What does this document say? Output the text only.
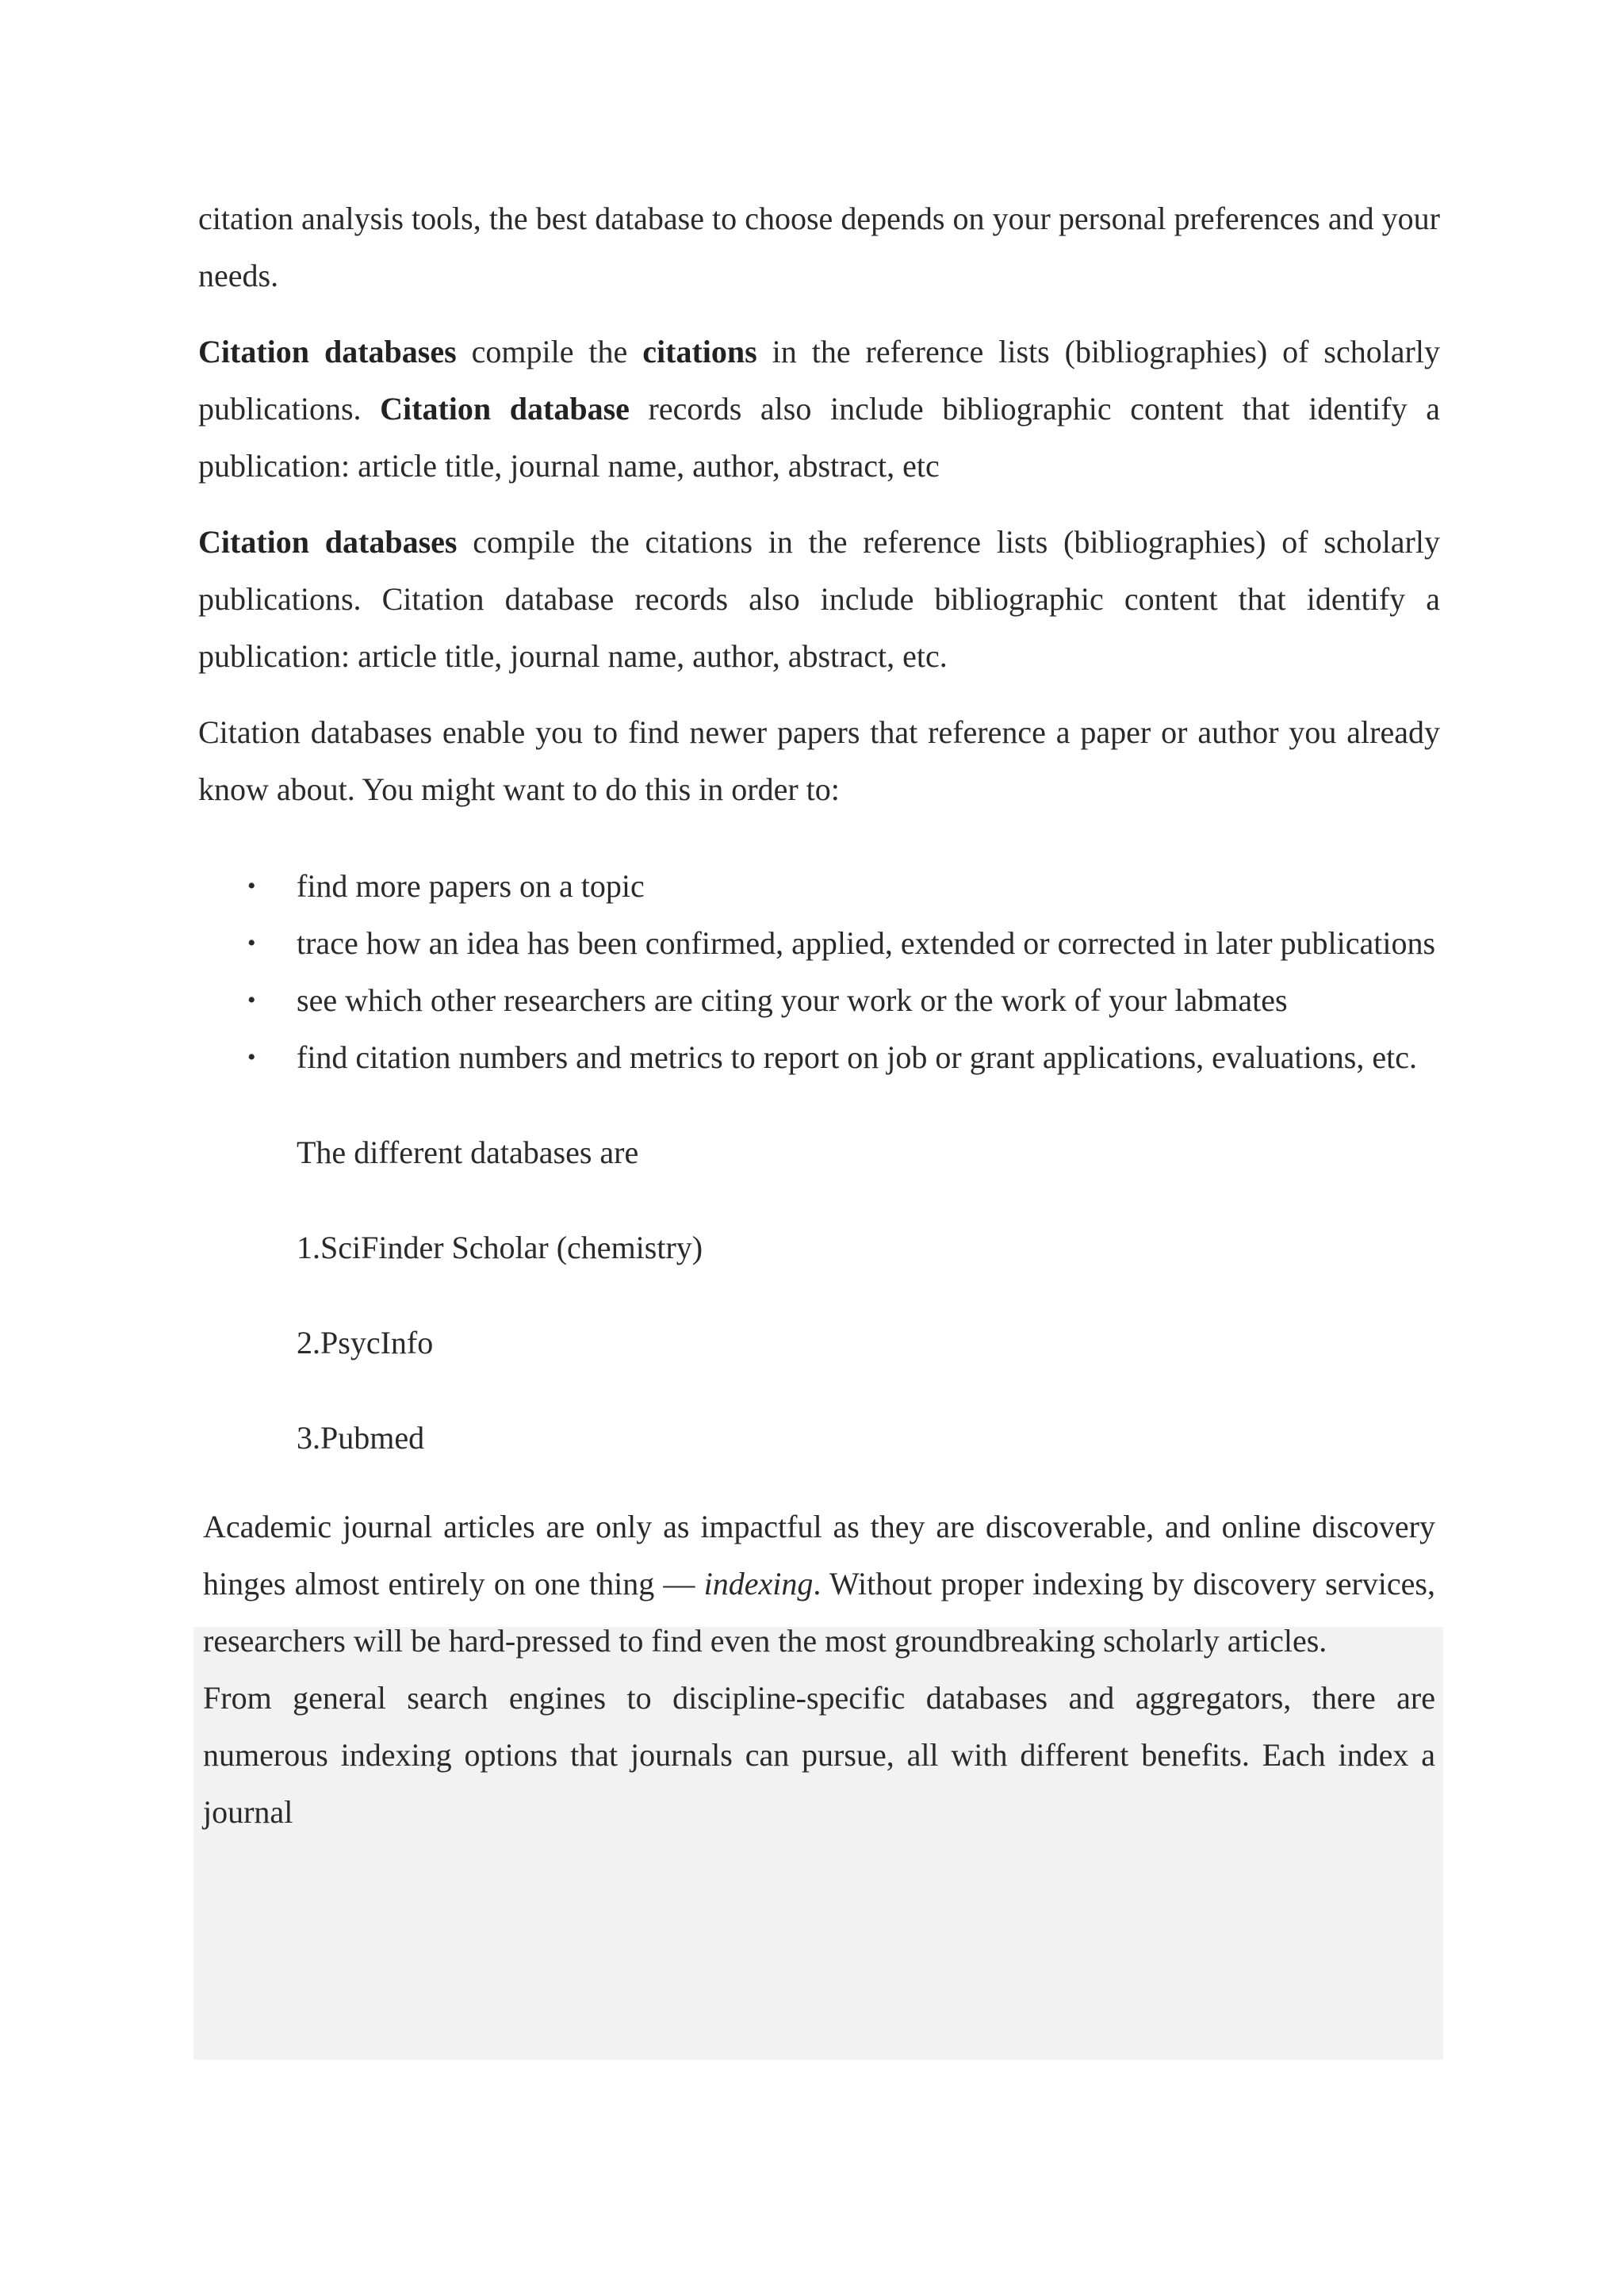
citation analysis tools, the best database to choose depends on your personal preferences and your needs.

Citation databases compile the citations in the reference lists (bibliographies) of scholarly publications. Citation database records also include bibliographic content that identify a publication: article title, journal name, author, abstract, etc

Citation databases compile the citations in the reference lists (bibliographies) of scholarly publications. Citation database records also include bibliographic content that identify a publication: article title, journal name, author, abstract, etc.

Citation databases enable you to find newer papers that reference a paper or author you already know about. You might want to do this in order to:

• find more papers on a topic
• trace how an idea has been confirmed, applied, extended or corrected in later publications
• see which other researchers are citing your work or the work of your labmates
• find citation numbers and metrics to report on job or grant applications, evaluations, etc.

The different databases are

1.SciFinder Scholar (chemistry)

2.PsycInfo

3.Pubmed

Academic journal articles are only as impactful as they are discoverable, and online discovery hinges almost entirely on one thing — indexing. Without proper indexing by discovery services, researchers will be hard-pressed to find even the most groundbreaking scholarly articles.

From general search engines to discipline-specific databases and aggregators, there are numerous indexing options that journals can pursue, all with different benefits. Each index a journal
